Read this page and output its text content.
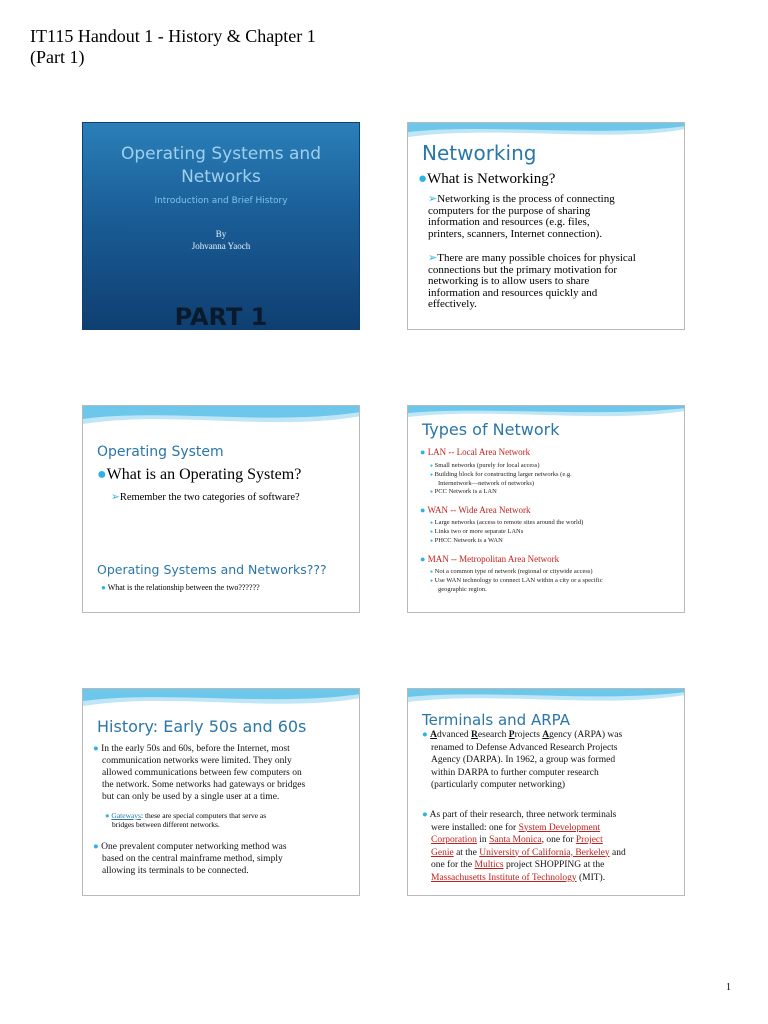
IT115 Handout 1 - History & Chapter 1
(Part 1)
Operating Systems and
Networks
Introduction and Brief History
By
Johvanna Yaoch
PART 1
Networking
●What is Networking?
➢Networking is the process of connecting
computers for the purpose of sharing
information and resources (e.g. files,
printers, scanners, Internet connection).
➢There are many possible choices for physical
connections but the primary motivation for
networking is to allow users to share
information and resources quickly and
effectively.
Operating System
●What is an Operating System?
➢Remember the two categories of software?
Operating Systems and Networks???
● What is the relationship between the two??????
Types of Network
● LAN -- Local Area Network
● Small networks (purely for local access)
● Building block for constructing larger networks (e.g.
Internetwork—network of networks)
● PCC Network is a LAN
● WAN -- Wide Area Network
● Large networks (access to remote sites around the world)
● Links two or more separate LANs
● PHCC Network is a WAN
● MAN -- Metropolitan Area Network
● Not a common type of network (regional or citywide access)
● Use WAN technology to connect LAN within a city or a specific
geographic region.
History: Early 50s and 60s
● In the early 50s and 60s, before the Internet, most
communication networks were limited. They only
allowed communications between few computers on
the network. Some networks had gateways or bridges
but can only be used by a single user at a time.
● Gateways: these are special computers that serve as
bridges between different networks.
● One prevalent computer networking method was
based on the central mainframe method, simply
allowing its terminals to be connected.
Terminals and ARPA
● Advanced Research Projects Agency (ARPA) was
renamed to Defense Advanced Research Projects
Agency (DARPA). In 1962, a group was formed
within DARPA to further computer research
(particularly computer networking)
● As part of their research, three network terminals
were installed: one for System Development
Corporation in Santa Monica, one for Project
Genie at the University of California, Berkeley and
one for the Multics project SHOPPING at the
Massachusetts Institute of Technology (MIT).
1
